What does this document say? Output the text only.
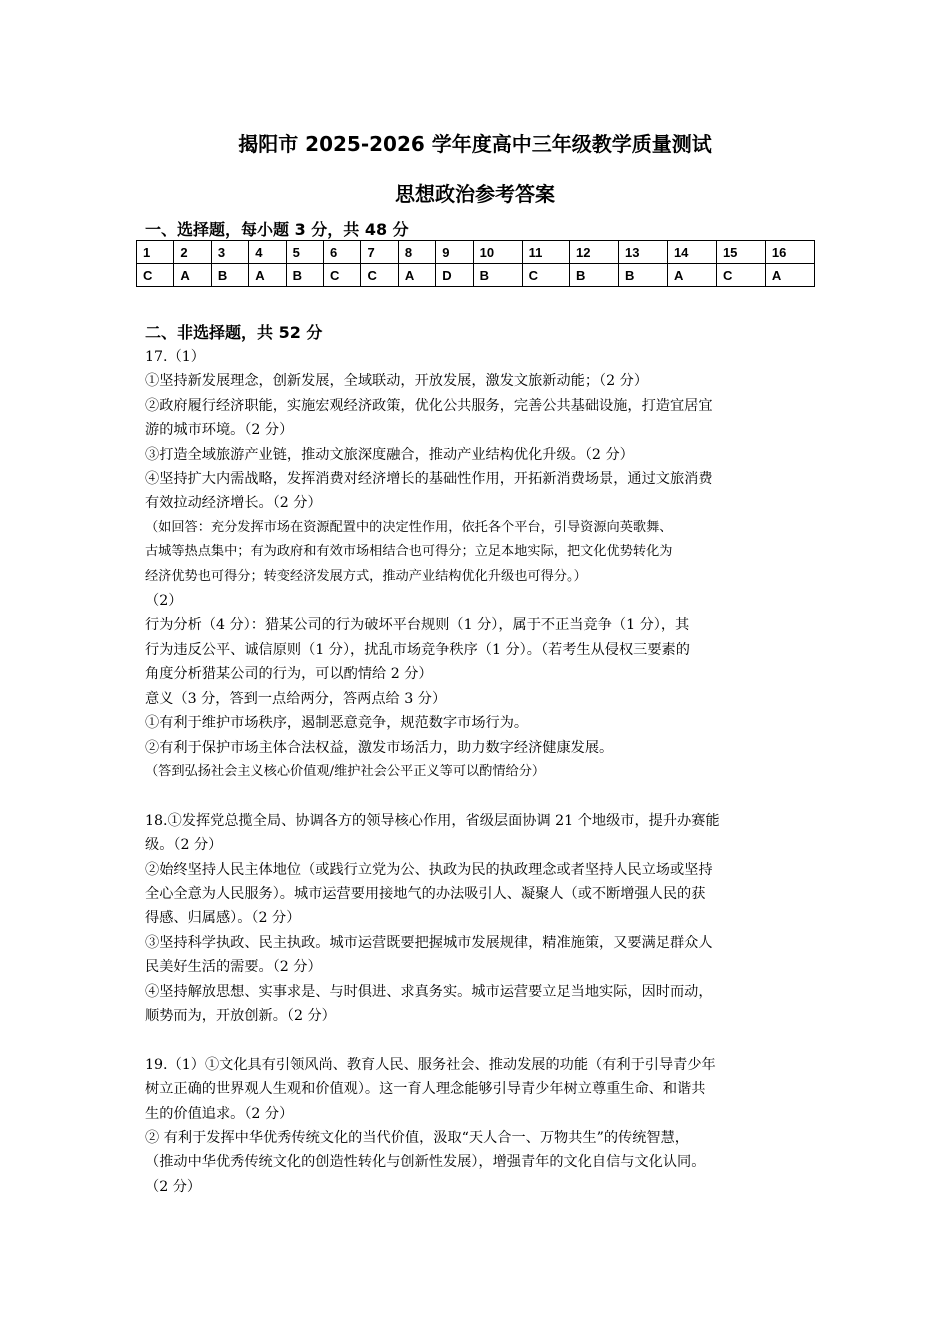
揭阳市 2025-2026 学年度高中三年级教学质量测试
思想政治参考答案
一、选择题，每小题 3 分，共 48 分
1	2	3	4	5	6	7	8	9	10	11	12	13	14	15	16
C	A	B	A	B	C	C	A	D	B	C	B	B	A	C	A
二、非选择题，共 52 分

17.（1）

①坚持新发展理念，创新发展，全域联动，开放发展，激发文旅新动能；（2 分）

②政府履行经济职能，实施宏观经济政策，优化公共服务，完善公共基础设施，打造宜居宜

游的城市环境。（2 分）

③打造全域旅游产业链，推动文旅深度融合，推动产业结构优化升级。（2 分）

④坚持扩大内需战略，发挥消费对经济增长的基础性作用，开拓新消费场景，通过文旅消费

有效拉动经济增长。（2 分）

（如回答：充分发挥市场在资源配置中的决定性作用，依托各个平台，引导资源向英歌舞、

古城等热点集中；有为政府和有效市场相结合也可得分；立足本地实际，把文化优势转化为

经济优势也可得分；转变经济发展方式，推动产业结构优化升级也可得分。）

（2）

行为分析（4 分）：猎某公司的行为破坏平台规则（1 分），属于不正当竞争（1 分），其

行为违反公平、诚信原则（1 分），扰乱市场竞争秩序（1 分）。（若考生从侵权三要素的

角度分析猎某公司的行为，可以酌情给 2 分）

意义（3 分，答到一点给两分，答两点给 3 分）

①有利于维护市场秩序，遏制恶意竞争，规范数字市场行为。

②有利于保护市场主体合法权益，激发市场活力，助力数字经济健康发展。

（答到弘扬社会主义核心价值观/维护社会公平正义等可以酌情给分）

18.①发挥党总揽全局、协调各方的领导核心作用，省级层面协调 21 个地级市，提升办赛能

级。（2 分）

②始终坚持人民主体地位（或践行立党为公、执政为民的执政理念或者坚持人民立场或坚持

全心全意为人民服务）。城市运营要用接地气的办法吸引人、凝聚人（或不断增强人民的获

得感、归属感）。（2 分）

③坚持科学执政、民主执政。城市运营既要把握城市发展规律，精准施策，又要满足群众人

民美好生活的需要。（2 分）

④坚持解放思想、实事求是、与时俱进、求真务实。城市运营要立足当地实际，因时而动，

顺势而为，开放创新。（2 分）

19.（1）①文化具有引领风尚、教育人民、服务社会、推动发展的功能（有利于引导青少年

树立正确的世界观人生观和价值观）。这一育人理念能够引导青少年树立尊重生命、和谐共

生的价值追求。（2 分）

② 有利于发挥中华优秀传统文化的当代价值，汲取“天人合一、万物共生”的传统智慧，

（推动中华优秀传统文化的创造性转化与创新性发展），增强青年的文化自信与文化认同。

（2 分）
